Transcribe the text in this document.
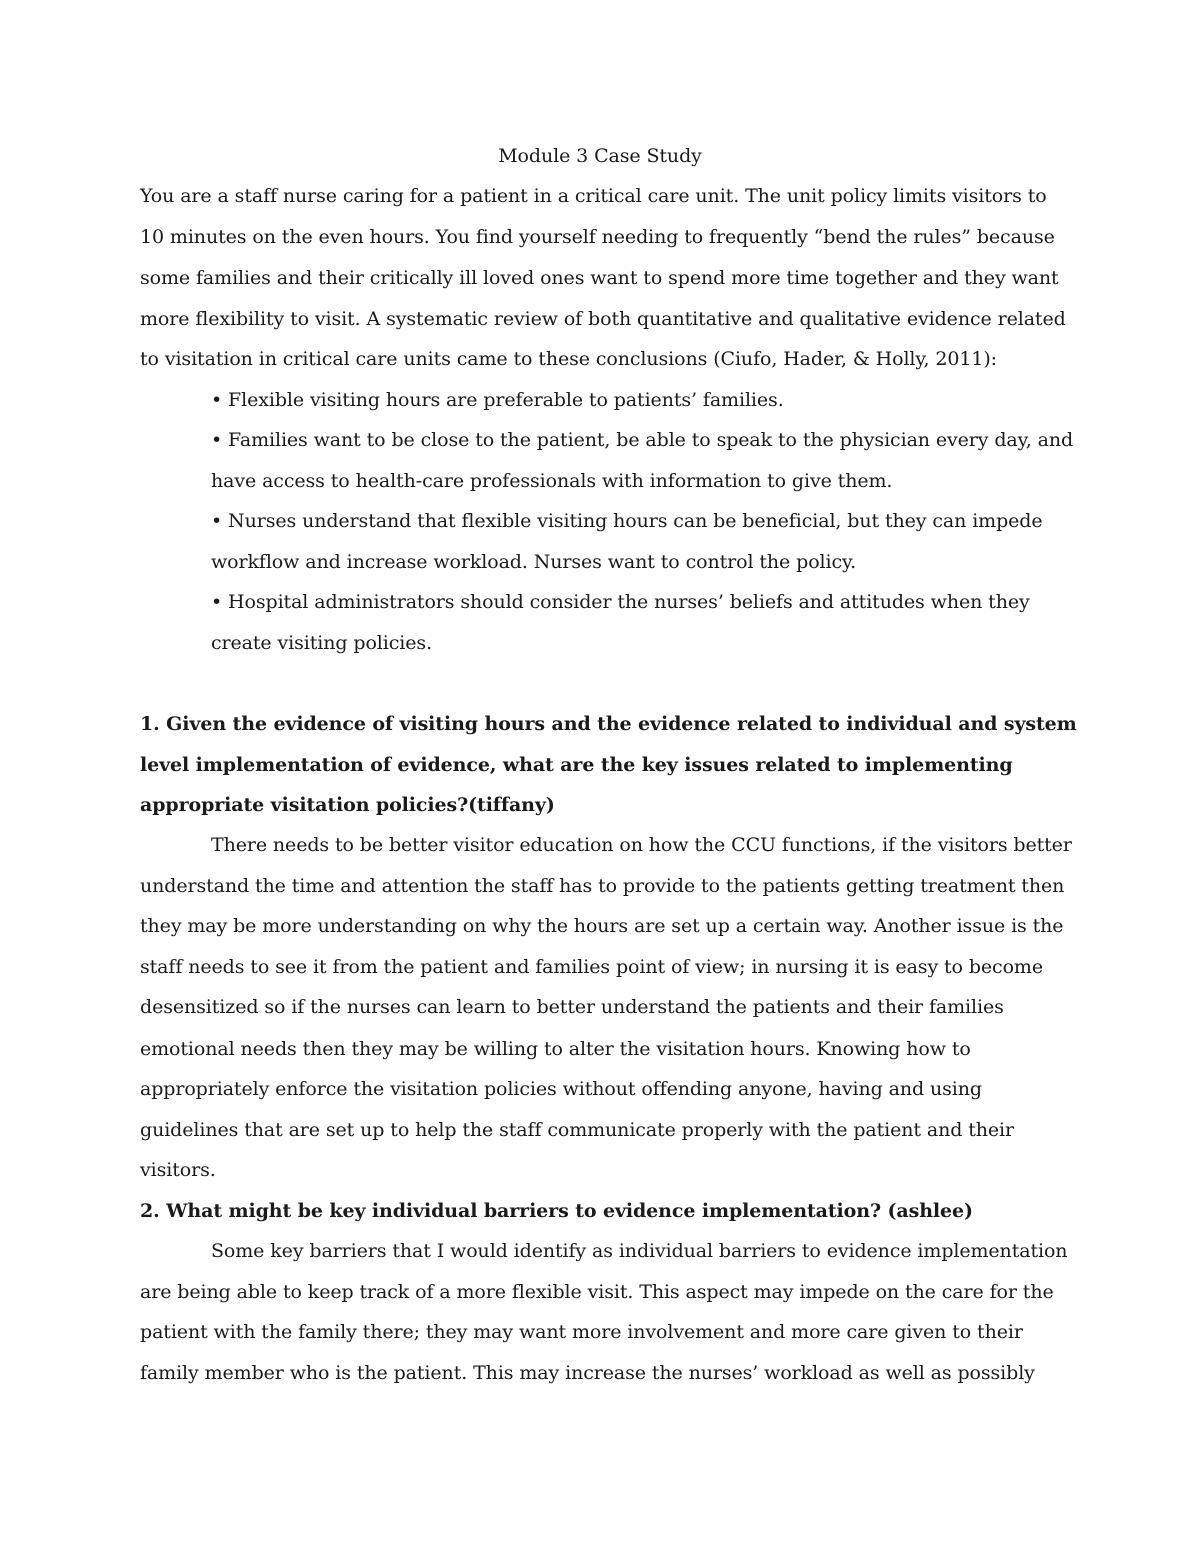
Module 3 Case Study
You are a staff nurse caring for a patient in a critical care unit. The unit policy limits visitors to
10 minutes on the even hours. You find yourself needing to frequently “bend the rules” because
some families and their critically ill loved ones want to spend more time together and they want
more flexibility to visit. A systematic review of both quantitative and qualitative evidence related
to visitation in critical care units came to these conclusions (Ciufo, Hader, & Holly, 2011):
• Flexible visiting hours are preferable to patients’ families.
• Families want to be close to the patient, be able to speak to the physician every day, and
have access to health-care professionals with information to give them.
• Nurses understand that flexible visiting hours can be beneficial, but they can impede
workflow and increase workload. Nurses want to control the policy.
• Hospital administrators should consider the nurses’ beliefs and attitudes when they
create visiting policies.
1. Given the evidence of visiting hours and the evidence related to individual and system
level implementation of evidence, what are the key issues related to implementing
appropriate visitation policies?(tiffany)
There needs to be better visitor education on how the CCU functions, if the visitors better
understand the time and attention the staff has to provide to the patients getting treatment then
they may be more understanding on why the hours are set up a certain way. Another issue is the
staff needs to see it from the patient and families point of view; in nursing it is easy to become
desensitized so if the nurses can learn to better understand the patients and their families
emotional needs then they may be willing to alter the visitation hours. Knowing how to
appropriately enforce the visitation policies without offending anyone, having and using
guidelines that are set up to help the staff communicate properly with the patient and their
visitors.
2. What might be key individual barriers to evidence implementation? (ashlee)
Some key barriers that I would identify as individual barriers to evidence implementation
are being able to keep track of a more flexible visit. This aspect may impede on the care for the
patient with the family there; they may want more involvement and more care given to their
family member who is the patient. This may increase the nurses’ workload as well as possibly
